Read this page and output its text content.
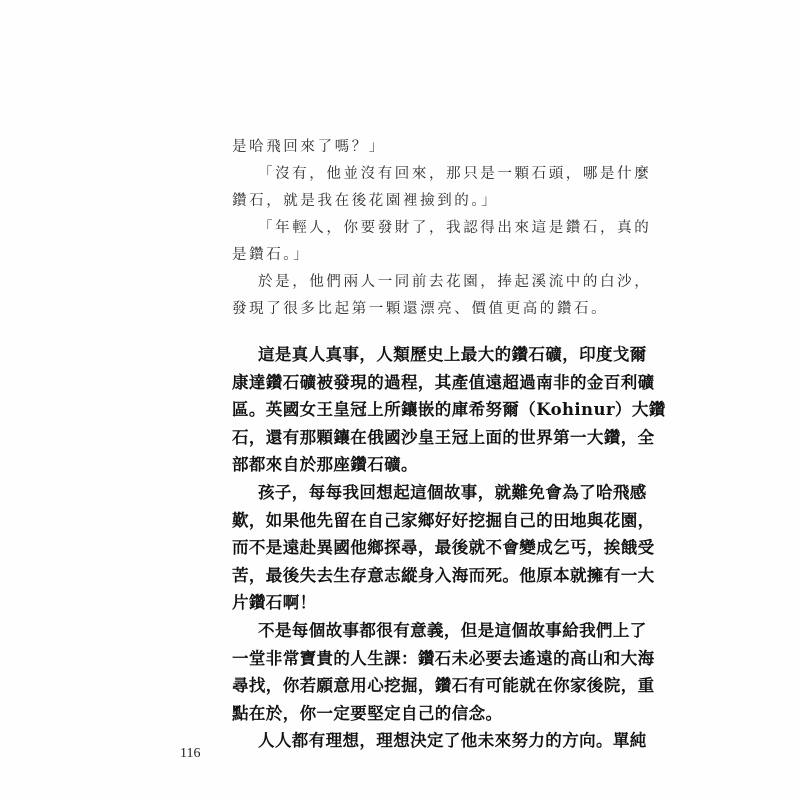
是哈飛回來了嗎？」
「沒有，他並沒有回來，那只是一顆石頭，哪是什麼
鑽石，就是我在後花園裡撿到的。」
「年輕人，你要發財了，我認得出來這是鑽石，真的
是鑽石。」
於是，他們兩人一同前去花園，捧起溪流中的白沙，
發現了很多比起第一顆還漂亮、價值更高的鑽石。
這是真人真事，人類歷史上最大的鑽石礦，印度戈爾
康達鑽石礦被發現的過程，其產值遠超過南非的金百利礦
區。英國女王皇冠上所鑲嵌的庫希努爾（Kohinur）大鑽
石，還有那顆鑲在俄國沙皇王冠上面的世界第一大鑽，全
部都來自於那座鑽石礦。
孩子，每每我回想起這個故事，就難免會為了哈飛感
歎，如果他先留在自己家鄉好好挖掘自己的田地與花園，
而不是遠赴異國他鄉探尋，最後就不會變成乞丐，挨餓受
苦，最後失去生存意志縱身入海而死。他原本就擁有一大
片鑽石啊！
不是每個故事都很有意義，但是這個故事給我們上了
一堂非常寶貴的人生課：鑽石未必要去遙遠的高山和大海
尋找，你若願意用心挖掘，鑽石有可能就在你家後院，重
點在於，你一定要堅定自己的信念。
人人都有理想，理想決定了他未來努力的方向。單純
116
